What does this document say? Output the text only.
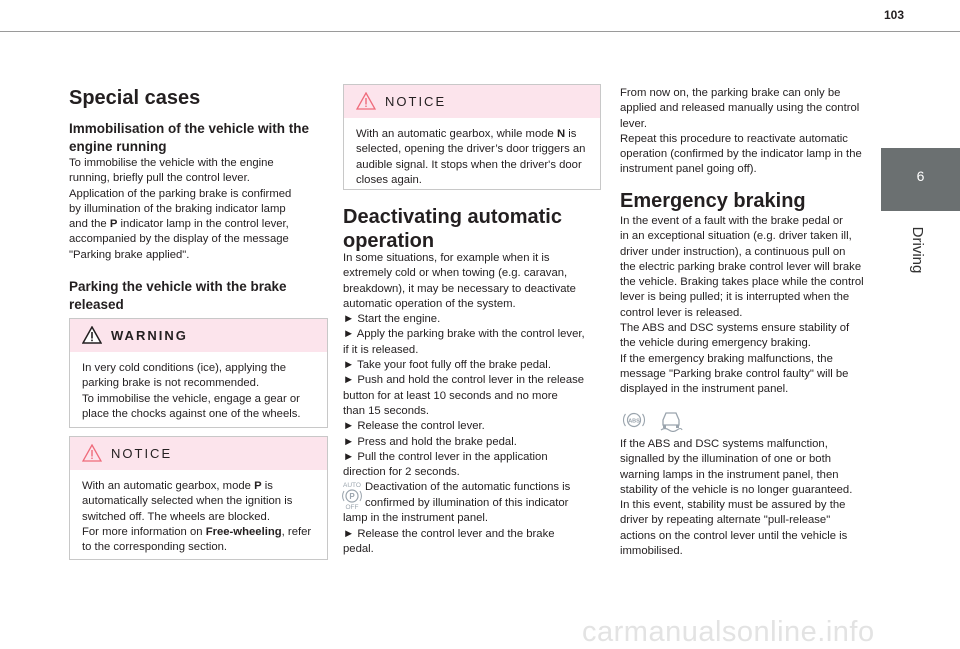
103
6
Driving
Special cases
Immobilisation of the vehicle with the engine running
To immobilise the vehicle with the engine
running, briefly pull the control lever.
Application of the parking brake is confirmed
by illumination of the braking indicator lamp
and the P indicator lamp in the control lever,
accompanied by the display of the message
"Parking brake applied".
Parking the vehicle with the brake released
WARNING
In very cold conditions (ice), applying the
parking brake is not recommended.
To immobilise the vehicle, engage a gear or
place the chocks against one of the wheels.
NOTICE
With an automatic gearbox, mode P is
automatically selected when the ignition is
switched off. The wheels are blocked.
For more information on Free-wheeling, refer
to the corresponding section.
NOTICE
With an automatic gearbox, while mode N is
selected, opening the driver’s door triggers an
audible signal. It stops when the driver's door
closes again.
Deactivating automatic
operation
In some situations, for example when it is
extremely cold or when towing (e.g. caravan,
breakdown), it may be necessary to deactivate
automatic operation of the system.
► Start the engine.
► Apply the parking brake with the control lever,
if it is released.
► Take your foot fully off the brake pedal.
► Push and hold the control lever in the release
button for at least 10 seconds and no more
than 15 seconds.
► Release the control lever.
► Press and hold the brake pedal.
► Pull the control lever in the application
direction for 2 seconds.
AUTO
P
OFF
Deactivation of the automatic functions is
confirmed by illumination of this indicator
lamp in the instrument panel.
► Release the control lever and the brake
pedal.
From now on, the parking brake can only be
applied and released manually using the control
lever.
Repeat this procedure to reactivate automatic
operation (confirmed by the indicator lamp in the
instrument panel going off).
Emergency braking
In the event of a fault with the brake pedal or
in an exceptional situation (e.g. driver taken ill,
driver under instruction), a continuous pull on
the electric parking brake control lever will brake
the vehicle. Braking takes place while the control
lever is being pulled; it is interrupted when the
control lever is released.
The ABS and DSC systems ensure stability of
the vehicle during emergency braking.
If the emergency braking malfunctions, the
message "Parking brake control faulty" will be
displayed in the instrument panel.
ABS
If the ABS and DSC systems malfunction,
signalled by the illumination of one or both
warning lamps in the instrument panel, then
stability of the vehicle is no longer guaranteed.
In this event, stability must be assured by the
driver by repeating alternate "pull-release"
actions on the control lever until the vehicle is
immobilised.
carmanualsonline.info
